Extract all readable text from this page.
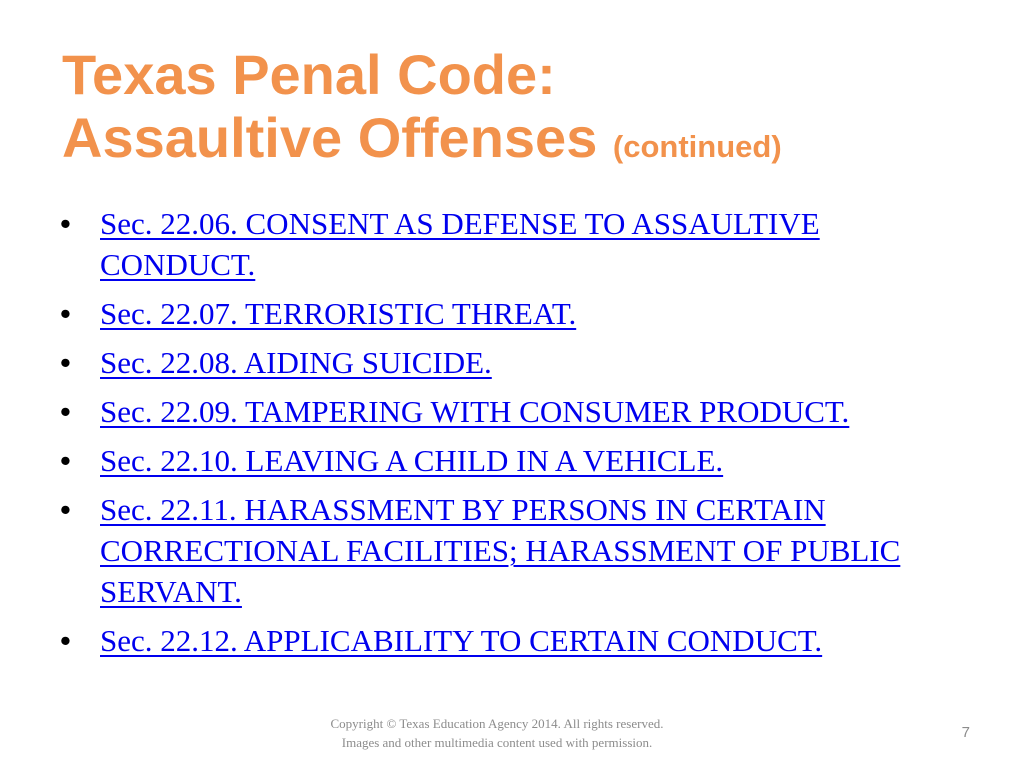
Texas Penal Code:
Assaultive Offenses (continued)
• Sec. 22.06. CONSENT AS DEFENSE TO ASSAULTIVE CONDUCT.
• Sec. 22.07. TERRORISTIC THREAT.
• Sec. 22.08. AIDING SUICIDE.
• Sec. 22.09. TAMPERING WITH CONSUMER PRODUCT.
• Sec. 22.10. LEAVING A CHILD IN A VEHICLE.
• Sec. 22.11. HARASSMENT BY PERSONS IN CERTAIN CORRECTIONAL FACILITIES; HARASSMENT OF PUBLIC SERVANT.
• Sec. 22.12. APPLICABILITY TO CERTAIN CONDUCT.
Copyright © Texas Education Agency 2014. All rights reserved.
Images and other multimedia content used with permission.
7
